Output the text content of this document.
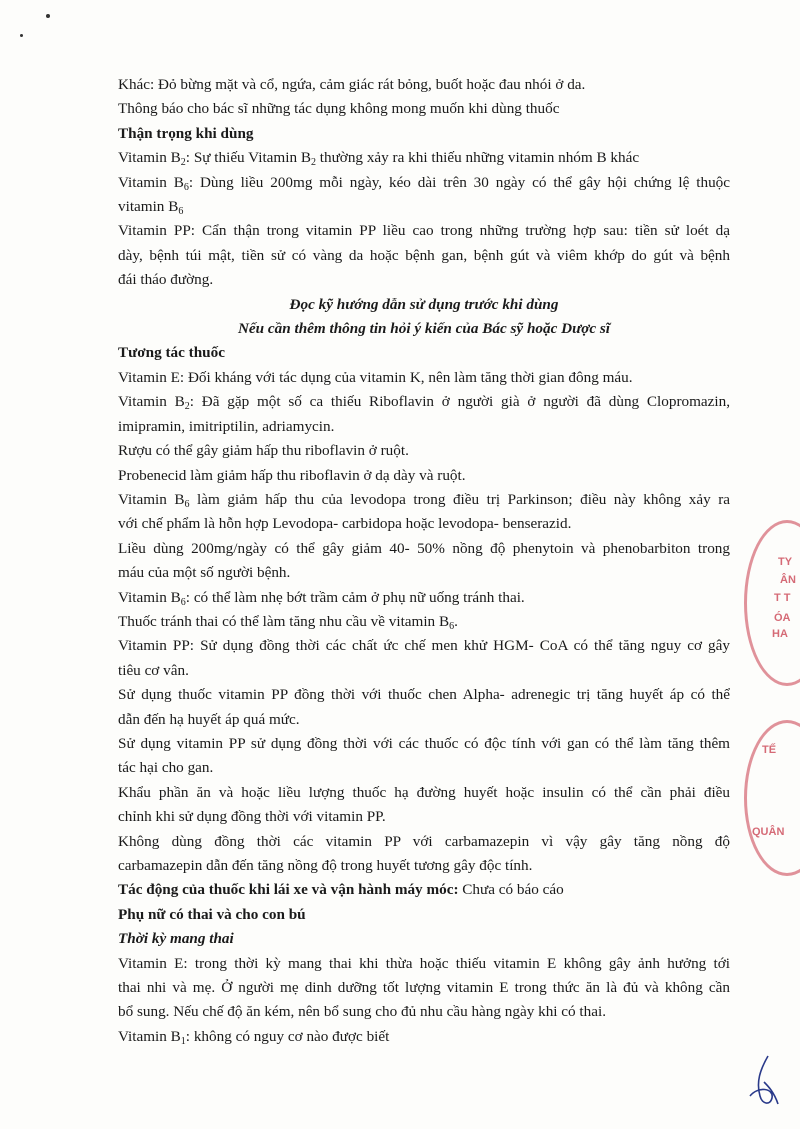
Khác: Đỏ bừng mặt và cổ, ngứa, cảm giác rát bỏng, buốt hoặc đau nhói ở da.
Thông báo cho bác sĩ những tác dụng không mong muốn khi dùng thuốc
Thận trọng khi dùng
Vitamin $B_2$: Sự thiếu Vitamin $B_2$ thường xảy ra khi thiếu những vitamin nhóm B khác
Vitamin $B_6$: Dùng liều 200mg mỗi ngày, kéo dài trên 30 ngày có thể gây hội chứng lệ thuộc
vitamin $B_6$
Vitamin PP: Cẩn thận trong vitamin PP liều cao trong những trường hợp sau: tiền sử loét dạ
dày, bệnh túi mật, tiền sử có vàng da hoặc bệnh gan, bệnh gút và viêm khớp do gút và bệnh
đái tháo đường.
Đọc kỹ hướng dẫn sử dụng trước khi dùng
Nếu cần thêm thông tin hỏi ý kiến của Bác sỹ hoặc Dược sĩ
Tương tác thuốc
Vitamin E: Đối kháng với tác dụng của vitamin K, nên làm tăng thời gian đông máu.
Vitamin $B_2$: Đã gặp một số ca thiếu Riboflavin ở người già ở người đã dùng Clopromazin,
imipramin, imitriptilin, adriamycin.
Rượu có thể gây giảm hấp thu riboflavin ở ruột.
Probenecid làm giảm hấp thu riboflavin ở dạ dày và ruột.
Vitamin $B_6$ làm giảm hấp thu của levodopa trong điều trị Parkinson; điều này không xảy ra
với chế phẩm là hỗn hợp Levodopa- carbidopa hoặc levodopa- benserazid.
Liều dùng 200mg/ngày có thể gây giảm 40- 50% nồng độ phenytoin và phenobarbiton trong
máu của một số người bệnh.
Vitamin $B_6$: có thể làm nhẹ bớt trầm cảm ở phụ nữ uống tránh thai.
Thuốc tránh thai có thể làm tăng nhu cầu về vitamin $B_6$.
Vitamin PP: Sử dụng đồng thời các chất ức chế men khử HGM- CoA có thể tăng nguy cơ gây
tiêu cơ vân.
Sử dụng thuốc vitamin PP đồng thời với thuốc chen Alpha- adrenegic trị tăng huyết áp có thể
dẫn đến hạ huyết áp quá mức.
Sử dụng vitamin PP sử dụng đồng thời với các thuốc có độc tính với gan có thể làm tăng thêm
tác hại cho gan.
Khẩu phần ăn và hoặc liều lượng thuốc hạ đường huyết hoặc insulin có thể cần phải điều
chỉnh khi sử dụng đồng thời với vitamin PP.
Không dùng đồng thời các vitamin PP với carbamazepin vì vậy gây tăng nồng độ
carbamazepin dẫn đến tăng nồng độ trong huyết tương gây độc tính.
Tác động của thuốc khi lái xe và vận hành máy móc: Chưa có báo cáo
Phụ nữ có thai và cho con bú
Thời kỳ mang thai
Vitamin E: trong thời kỳ mang thai khi thừa hoặc thiếu vitamin E không gây ảnh hưởng tới
thai nhi và mẹ. Ở người mẹ dinh dưỡng tốt lượng vitamin E trong thức ăn là đủ và không cần
bổ sung. Nếu chế độ ăn kém, nên bổ sung cho đủ nhu cầu hàng ngày khi có thai.
Vitamin $B_1$: không có nguy cơ nào được biết
TY
ÂN
T T
ÓA
HA
TẾ
QUÂN
